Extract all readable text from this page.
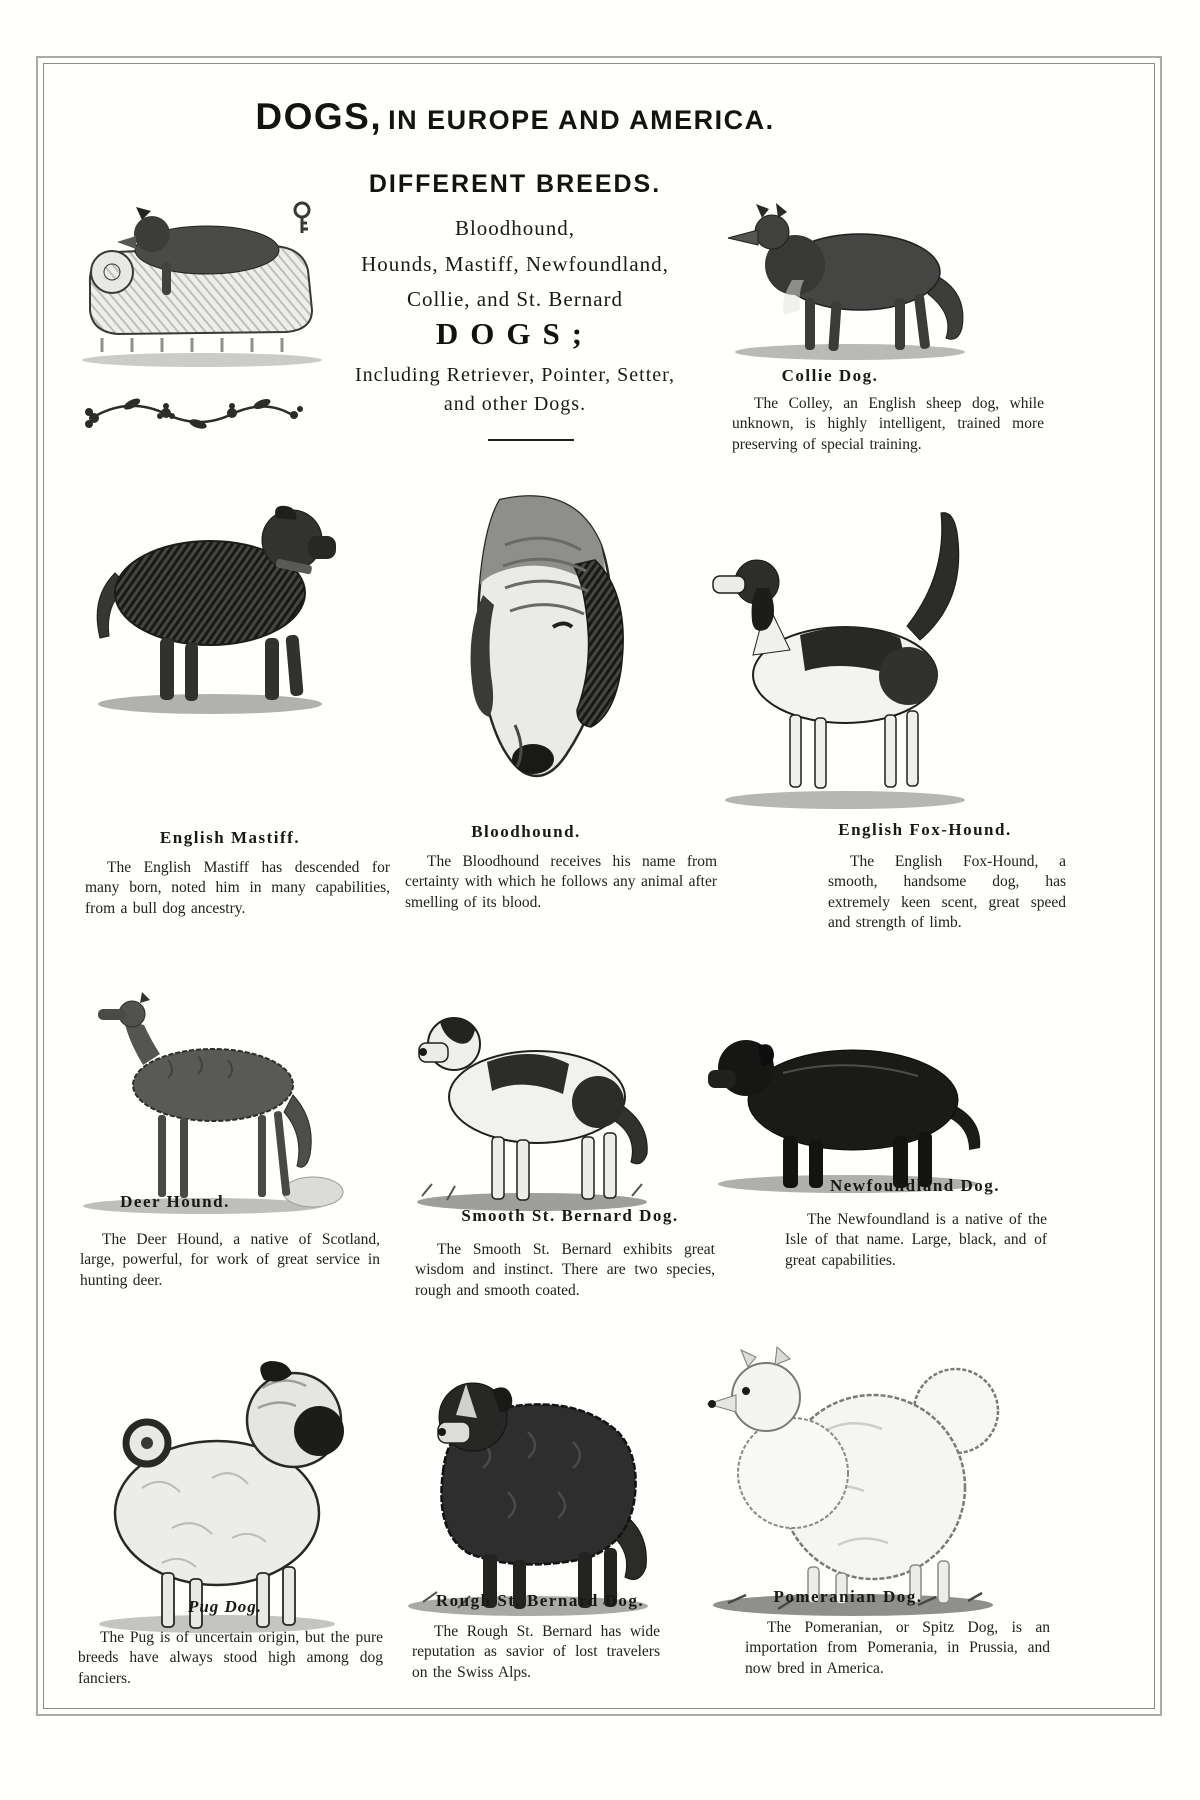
DOGS, IN EUROPE AND AMERICA.
DIFFERENT BREEDS.
Bloodhound,
Hounds, Mastiff, Newfoundland,
Collie, and St. Bernard
DOGS;
Including Retriever, Pointer, Setter,
and other Dogs.
Collie Dog.
The Colley, an English sheep dog, while unknown, is highly intelligent, trained more preserving of special training.
English Mastiff.
The English Mastiff has descended for many born, noted him in many capabilities, from a bull dog ancestry.
Bloodhound.
The Bloodhound receives his name from certainty with which he follows any animal after smelling of its blood.
English Fox-Hound.
The English Fox-Hound, a smooth, handsome dog, has extremely keen scent, great speed and strength of limb.
Deer Hound.
The Deer Hound, a native of Scotland, large, powerful, for work of great service in hunting deer.
Smooth St. Bernard Dog.
The Smooth St. Bernard exhibits great wisdom and instinct. There are two species, rough and smooth coated.
Newfoundland Dog.
The Newfoundland is a native of the Isle of that name. Large, black, and of great capabilities.
Pug Dog.
The Pug is of uncertain origin, but the pure breeds have always stood high among dog fanciers.
Rough St. Bernard Dog.
The Rough St. Bernard has wide reputation as savior of lost travelers on the Swiss Alps.
Pomeranian Dog.
The Pomeranian, or Spitz Dog, is an importation from Pomerania, in Prussia, and now bred in America.
